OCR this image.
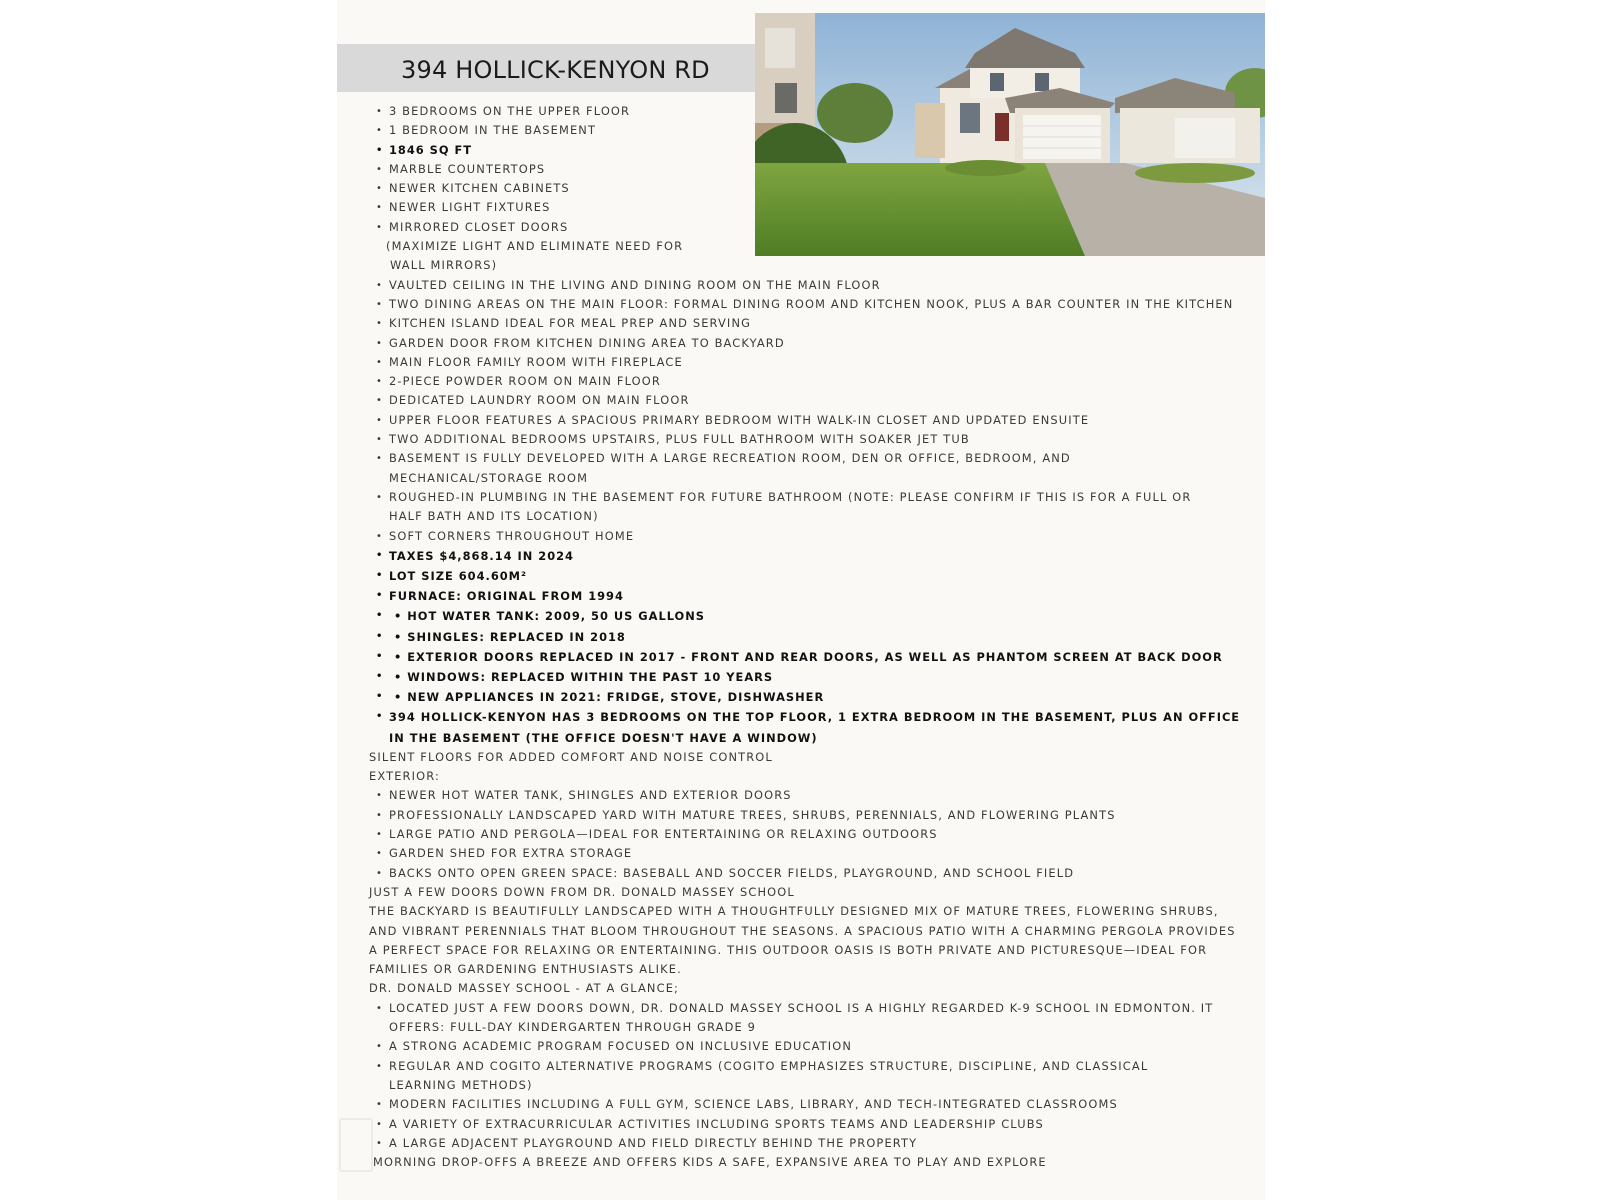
394 HOLLICK-KENYON RD
• 3 BEDROOMS ON THE UPPER FLOOR
• 1 BEDROOM IN THE BASEMENT
• 1846 SQ FT
• MARBLE COUNTERTOPS
• NEWER KITCHEN CABINETS
• NEWER LIGHT FIXTURES
• MIRRORED CLOSET DOORS
(MAXIMIZE LIGHT AND ELIMINATE NEED FOR
WALL MIRRORS)
• VAULTED CEILING IN THE LIVING AND DINING ROOM ON THE MAIN FLOOR
• TWO DINING AREAS ON THE MAIN FLOOR: FORMAL DINING ROOM AND KITCHEN NOOK, PLUS A BAR COUNTER IN THE KITCHEN
• KITCHEN ISLAND IDEAL FOR MEAL PREP AND SERVING
• GARDEN DOOR FROM KITCHEN DINING AREA TO BACKYARD
• MAIN FLOOR FAMILY ROOM WITH FIREPLACE
• 2-PIECE POWDER ROOM ON MAIN FLOOR
• DEDICATED LAUNDRY ROOM ON MAIN FLOOR
• UPPER FLOOR FEATURES A SPACIOUS PRIMARY BEDROOM WITH WALK-IN CLOSET AND UPDATED ENSUITE
• TWO ADDITIONAL BEDROOMS UPSTAIRS, PLUS FULL BATHROOM WITH SOAKER JET TUB
• BASEMENT IS FULLY DEVELOPED WITH A LARGE RECREATION ROOM, DEN OR OFFICE, BEDROOM, AND MECHANICAL/STORAGE ROOM
• ROUGHED-IN PLUMBING IN THE BASEMENT FOR FUTURE BATHROOM (NOTE: PLEASE CONFIRM IF THIS IS FOR A FULL OR HALF BATH AND ITS LOCATION)
• SOFT CORNERS THROUGHOUT HOME
• TAXES $4,868.14 IN 2024
• LOT SIZE 604.60M²
• FURNACE: ORIGINAL FROM 1994
• • HOT WATER TANK: 2009, 50 US GALLONS
• • SHINGLES: REPLACED IN 2018
• • EXTERIOR DOORS REPLACED IN 2017 - FRONT AND REAR DOORS, AS WELL AS PHANTOM SCREEN AT BACK DOOR
• • WINDOWS: REPLACED WITHIN THE PAST 10 YEARS
• • NEW APPLIANCES IN 2021: FRIDGE, STOVE, DISHWASHER
• 394 HOLLICK-KENYON HAS 3 BEDROOMS ON THE TOP FLOOR, 1 EXTRA BEDROOM IN THE BASEMENT, PLUS AN OFFICE IN THE BASEMENT (THE OFFICE DOESN'T HAVE A WINDOW)
SILENT FLOORS FOR ADDED COMFORT AND NOISE CONTROL
EXTERIOR:
• NEWER HOT WATER TANK, SHINGLES AND EXTERIOR DOORS
• PROFESSIONALLY LANDSCAPED YARD WITH MATURE TREES, SHRUBS, PERENNIALS, AND FLOWERING PLANTS
• LARGE PATIO AND PERGOLA—IDEAL FOR ENTERTAINING OR RELAXING OUTDOORS
• GARDEN SHED FOR EXTRA STORAGE
• BACKS ONTO OPEN GREEN SPACE: BASEBALL AND SOCCER FIELDS, PLAYGROUND, AND SCHOOL FIELD
JUST A FEW DOORS DOWN FROM DR. DONALD MASSEY SCHOOL
THE BACKYARD IS BEAUTIFULLY LANDSCAPED WITH A THOUGHTFULLY DESIGNED MIX OF MATURE TREES, FLOWERING SHRUBS, AND VIBRANT PERENNIALS THAT BLOOM THROUGHOUT THE SEASONS. A SPACIOUS PATIO WITH A CHARMING PERGOLA PROVIDES A PERFECT SPACE FOR RELAXING OR ENTERTAINING. THIS OUTDOOR OASIS IS BOTH PRIVATE AND PICTURESQUE—IDEAL FOR FAMILIES OR GARDENING ENTHUSIASTS ALIKE.
DR. DONALD MASSEY SCHOOL - AT A GLANCE;
• LOCATED JUST A FEW DOORS DOWN, DR. DONALD MASSEY SCHOOL IS A HIGHLY REGARDED K-9 SCHOOL IN EDMONTON. IT OFFERS: FULL-DAY KINDERGARTEN THROUGH GRADE 9
• A STRONG ACADEMIC PROGRAM FOCUSED ON INCLUSIVE EDUCATION
• REGULAR AND COGITO ALTERNATIVE PROGRAMS (COGITO EMPHASIZES STRUCTURE, DISCIPLINE, AND CLASSICAL LEARNING METHODS)
• MODERN FACILITIES INCLUDING A FULL GYM, SCIENCE LABS, LIBRARY, AND TECH-INTEGRATED CLASSROOMS
• A VARIETY OF EXTRACURRICULAR ACTIVITIES INCLUDING SPORTS TEAMS AND LEADERSHIP CLUBS
• A LARGE ADJACENT PLAYGROUND AND FIELD DIRECTLY BEHIND THE PROPERTY
MORNING DROP-OFFS A BREEZE AND OFFERS KIDS A SAFE, EXPANSIVE AREA TO PLAY AND EXPLORE
